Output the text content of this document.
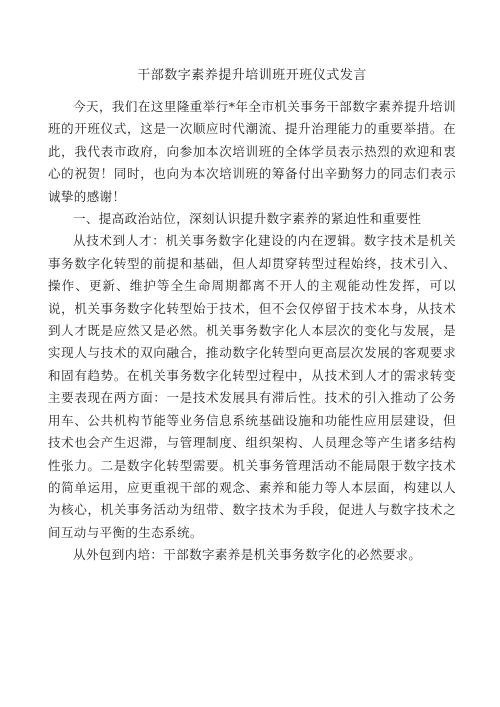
干部数字素养提升培训班开班仪式发言

今天，我们在这里隆重举行*年全市机关事务干部数字素养提升培训班的开班仪式，这是一次顺应时代潮流、提升治理能力的重要举措。在此，我代表市政府，向参加本次培训班的全体学员表示热烈的欢迎和衷心的祝贺！同时，也向为本次培训班的筹备付出辛勤努力的同志们表示诚挚的感谢！

一、提高政治站位，深刻认识提升数字素养的紧迫性和重要性

从技术到人才：机关事务数字化建设的内在逻辑。数字技术是机关事务数字化转型的前提和基础，但人却贯穿转型过程始终，技术引入、操作、更新、维护等全生命周期都离不开人的主观能动性发挥，可以说，机关事务数字化转型始于技术，但不会仅停留于技术本身，从技术到人才既是应然又是必然。机关事务数字化人本层次的变化与发展，是实现人与技术的双向融合，推动数字化转型向更高层次发展的客观要求和固有趋势。在机关事务数字化转型过程中，从技术到人才的需求转变主要表现在两方面：一是技术发展具有滞后性。技术的引入推动了公务用车、公共机构节能等业务信息系统基础设施和功能性应用层建设，但技术也会产生迟滞，与管理制度、组织架构、人员理念等产生诸多结构性张力。二是数字化转型需要。机关事务管理活动不能局限于数字技术的简单运用，应更重视干部的观念、素养和能力等人本层面，构建以人为核心，机关事务活动为纽带、数字技术为手段，促进人与数字技术之间互动与平衡的生态系统。

从外包到内培：干部数字素养是机关事务数字化的必然要求。
